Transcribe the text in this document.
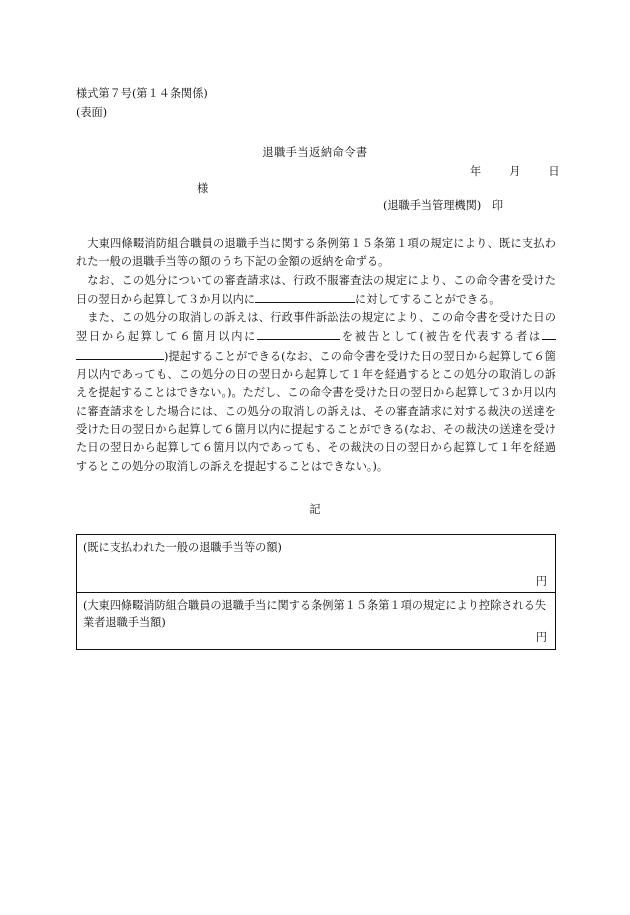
様式第７号(第１４条関係)
(表面)
退職手当返納命令書
年	月	日
様
(退職手当管理機関) 印

大東四條畷消防組合職員の退職手当に関する条例第１５条第１項の規定により、既に支払われた一般の退職手当等の額のうち下記の金額の返納を命ずる。

なお、この処分についての審査請求は、行政不服審査法の規定により、この命令書を受けた日の翌日から起算して３か月以内に	に対してすることができる。

また、この処分の取消しの訴えは、行政事件訴訟法の規定により、この命令書を受けた日の翌日から起算して６箇月以内に	を被告として(被告を代表する者は)提起することができる(なお、この命令書を受けた日の翌日から起算して６箇月以内であっても、この処分の日の翌日から起算して１年を経過するとこの処分の取消しの訴えを提起することはできない。)。ただし、この命令書を受けた日の翌日から起算して３か月以内に審査請求をした場合には、この処分の取消しの訴えは、その審査請求に対する裁決の送達を受けた日の翌日から起算して６箇月以内に提起することができる(なお、その裁決の送達を受けた日の翌日から起算して６箇月以内であっても、その裁決の日の翌日から起算して１年を経過するとこの処分の取消しの訴えを提起することはできない。)。

記
(既に支払われた一般の退職手当等の額)
円
(大東四條畷消防組合職員の退職手当に関する条例第１５条第１項の規定により控除される失業者退職手当額)
円
